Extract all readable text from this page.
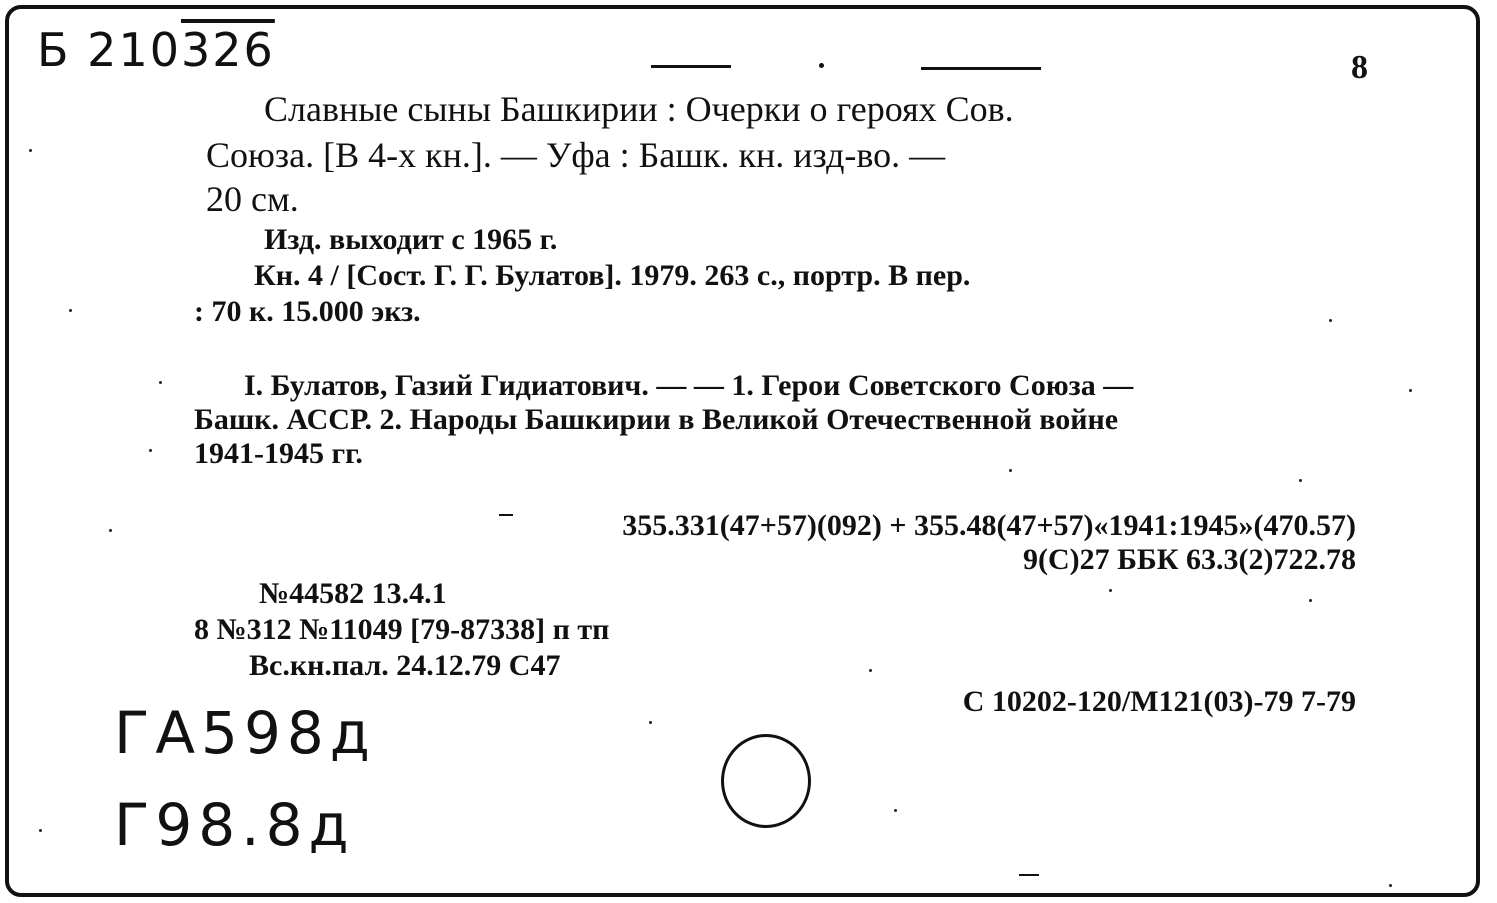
Б 210326	8
Славные сыны Башкирии : Очерки о героях Сов.
Союза. [В 4-х кн.]. — Уфа : Башк. кн. изд-во. —
20 см.
Изд. выходит с 1965 г.
Кн. 4 / [Сост. Г. Г. Булатов]. 1979. 263 с., портр. В пер.
: 70 к. 15.000 экз.
I. Булатов, Газий Гидиатович. — — 1. Герои Советского Союза —
Башк. АССР. 2. Народы Башкирии в Великой Отечественной войне
1941-1945 гг.
355.331(47+57)(092) + 355.48(47+57)«1941:1945»(470.57)
9(С)27 ББК 63.3(2)722.78
№44582 13.4.1
8 №312 №11049 [79-87338] п тп
Вс.кн.пал. 24.12.79 С47
С 10202-120/М121(03)-79 7-79
ГА598д
Г98.8д
